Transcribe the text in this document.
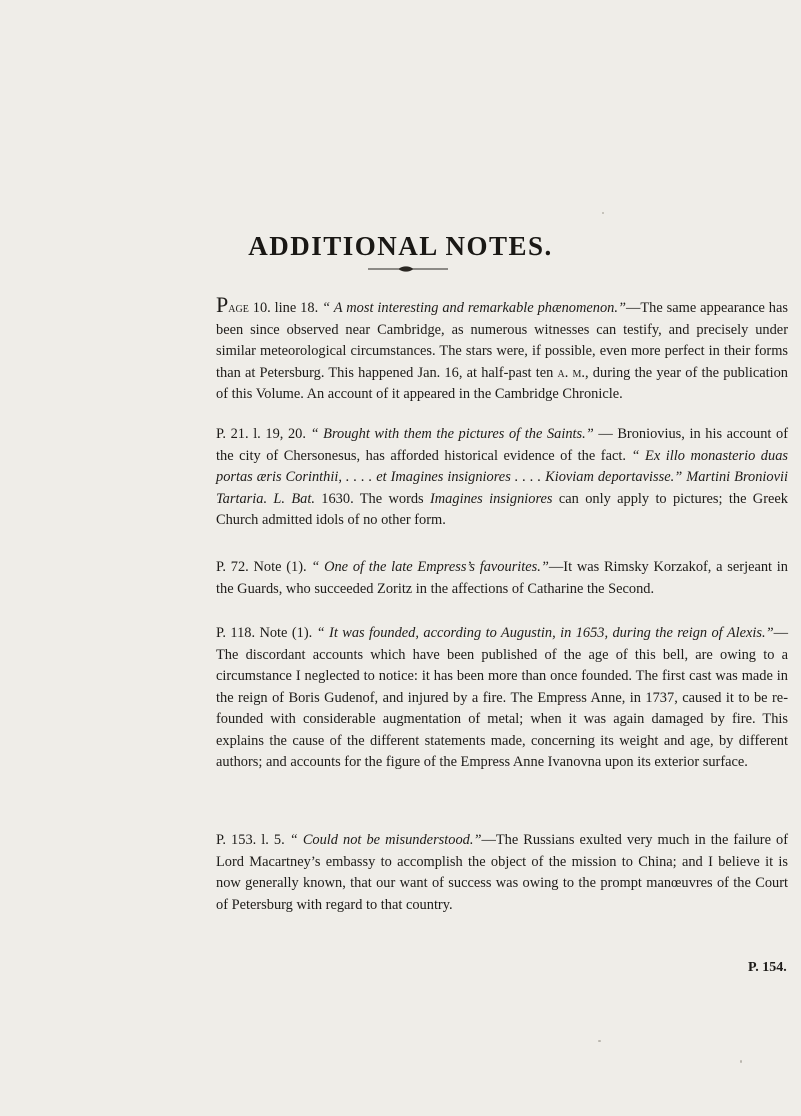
ADDITIONAL NOTES.
Page 10. line 18. “ A most interesting and remarkable phænomenon.”—The same appearance has been since observed near Cambridge, as numerous witnesses can testify, and precisely under similar meteorological circumstances. The stars were, if possible, even more perfect in their forms than at Petersburg. This happened Jan. 16, at half-past ten a. m., during the year of the publication of this Volume. An account of it appeared in the Cambridge Chronicle.
P. 21. l. 19, 20. “ Brought with them the pictures of the Saints.” — Broniovius, in his account of the city of Chersonesus, has afforded historical evidence of the fact. “ Ex illo monasterio duas portas æris Corinthii, . . . . et Imagines insigniores . . . . Kioviam deportavisse.” Martini Broniovii Tartaria. L. Bat. 1630. The words Imagines insigniores can only apply to pictures; the Greek Church admitted idols of no other form.
P. 72. Note (1). “ One of the late Empress’s favourites.”—It was Rimsky Korzakof, a serjeant in the Guards, who succeeded Zoritz in the affections of Catharine the Second.
P. 118. Note (1). “ It was founded, according to Augustin, in 1653, during the reign of Alexis.”—The discordant accounts which have been published of the age of this bell, are owing to a circumstance I neglected to notice: it has been more than once founded. The first cast was made in the reign of Boris Gudenof, and injured by a fire. The Empress Anne, in 1737, caused it to be re-founded with considerable augmentation of metal; when it was again damaged by fire. This explains the cause of the different statements made, concerning its weight and age, by different authors; and accounts for the figure of the Empress Anne Ivanovna upon its exterior surface.
P. 153. l. 5. “ Could not be misunderstood.”—The Russians exulted very much in the failure of Lord Macartney’s embassy to accomplish the object of the mission to China; and I believe it is now generally known, that our want of success was owing to the prompt manœuvres of the Court of Petersburg with regard to that country.
P. 154.
